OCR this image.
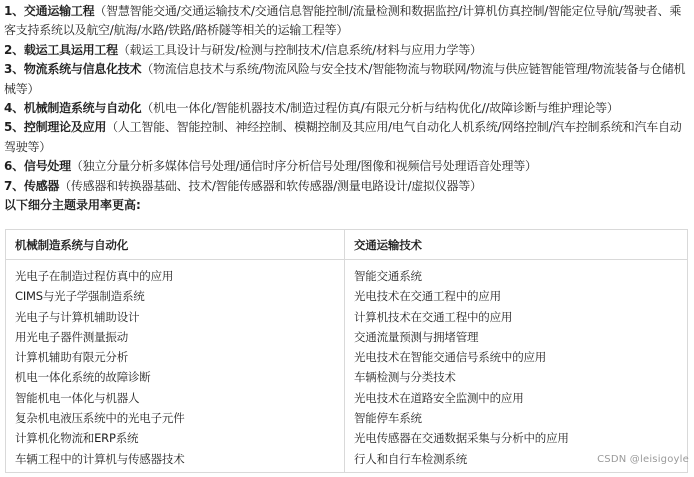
1、交通运输工程（智慧智能交通/交通运输技术/交通信息智能控制/流量检测和数据监控/计算机仿真控制/智能定位导航/驾驶者、乘客支持系统以及航空/航海/水路/铁路/路桥隧等相关的运输工程等）

2、载运工具运用工程（载运工具设计与研发/检测与控制技术/信息系统/材料与应用力学等）

3、物流系统与信息化技术（物流信息技术与系统/物流风险与安全技术/智能物流与物联网/物流与供应链智能管理/物流装备与仓储机械等）

4、机械制造系统与自动化（机电一体化/智能机器技术/制造过程仿真/有限元分析与结构优化//故障诊断与维护理论等）

5、控制理论及应用（人工智能、智能控制、神经控制、模糊控制及其应用/电气自动化人机系统/网络控制/汽车控制系统和汽车自动驾驶等）

6、信号处理（独立分量分析多媒体信号处理/通信时序分析信号处理/图像和视频信号处理语音处理等）

7、传感器（传感器和转换器基础、技术/智能传感器和软传感器/测量电路设计/虚拟仪器等）

以下细分主题录用率更高:

机械制造系统与自动化	交通运输技术
光电子在制造过程仿真中的应用	智能交通系统
CIMS与光子学强制造系统	光电技术在交通工程中的应用
光电子与计算机辅助设计	计算机技术在交通工程中的应用
用光电子器件测量振动	交通流量预测与拥堵管理
计算机辅助有限元分析	光电技术在智能交通信号系统中的应用
机电一体化系统的故障诊断	车辆检测与分类技术
智能机电一体化与机器人	光电技术在道路安全监测中的应用
复杂机电液压系统中的光电子元件	智能停车系统
计算机化物流和ERP系统	光电传感器在交通数据采集与分析中的应用
车辆工程中的计算机与传感器技术	行人和自行车检测系统	CSDN @leisigoyle
